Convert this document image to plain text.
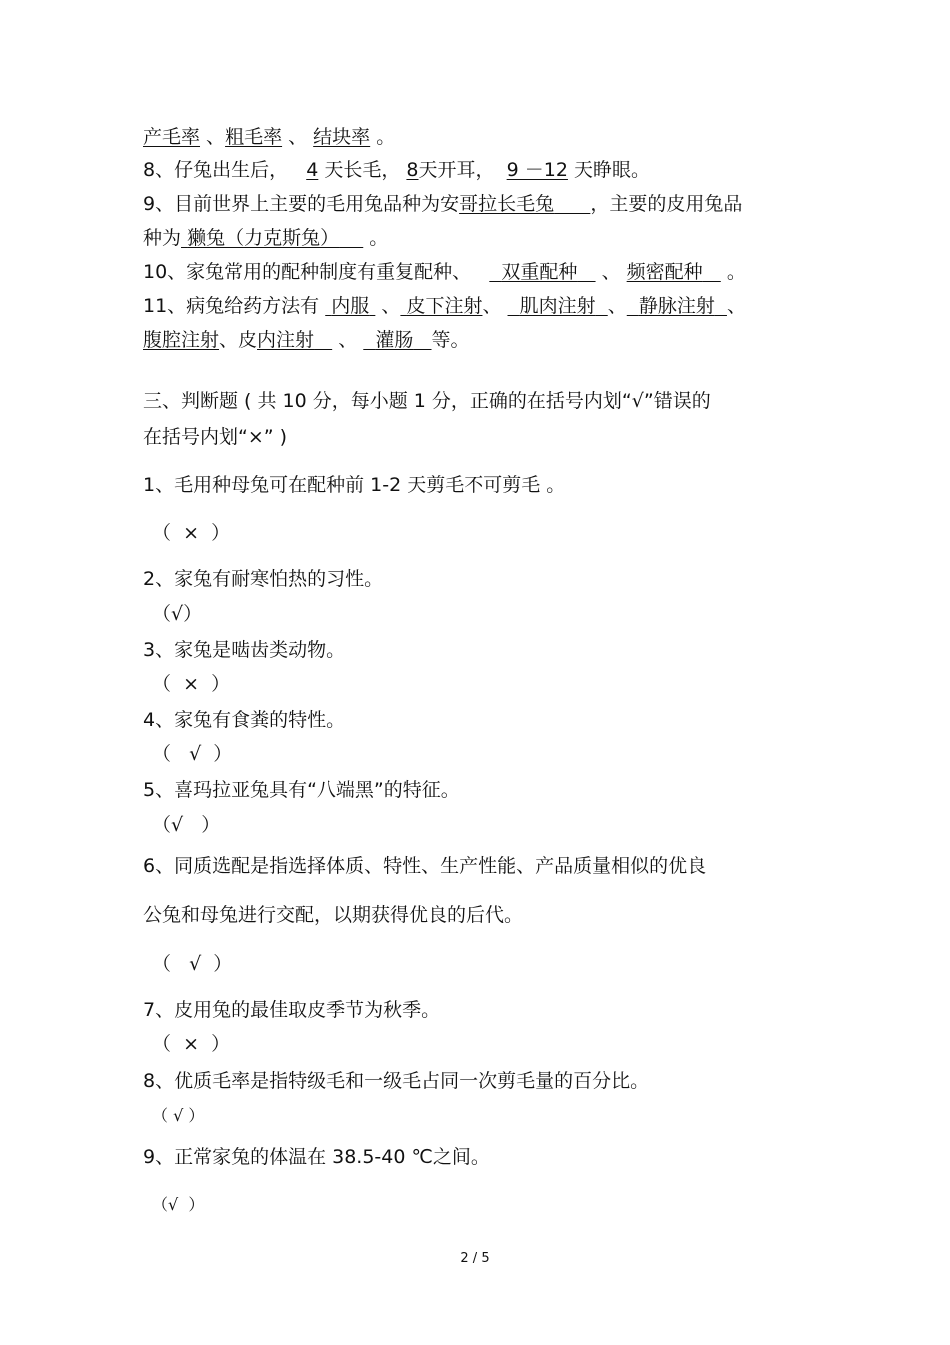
产毛率 、粗毛率 、 结块率 。
8、仔兔出生后， 4 天长毛， 8天开耳， 9 －12 天睁眼。
9、目前世界上主要的毛用兔品种为安哥拉长毛兔 ，主要的皮用兔品
种为 獭兔（力克斯兔）     。
10、家兔常用的配种制度有重复配种、 双重配种    、 频密配种    。
11、病兔给药方法有 内服 、 皮下注射、 肌肉注射 、 静脉注射 、
腹腔注射、皮内注射 、 灌肠 等。
三、判断题 ( 共 10 分，每小题 1 分，正确的在括号内划“√”错误的
在括号内划“×” )
1、毛用种母兔可在配种前 1-2 天剪毛不可剪毛 。
（  ×  ）
2、家兔有耐寒怕热的习性。
（√）
3、家兔是啮齿类动物。
（  ×  ）
4、家兔有食粪的特性。
（   √  ）
5、喜玛拉亚兔具有“八端黑”的特征。
（√   ）
6、同质选配是指选择体质、特性、生产性能、产品质量相似的优良
公兔和母兔进行交配，以期获得优良的后代。
（   √  ）
7、皮用兔的最佳取皮季节为秋季。
（  ×  ）
8、优质毛率是指特级毛和一级毛占同一次剪毛量的百分比。
（ √ ）
9、正常家兔的体温在 38.5-40 ℃之间。
（√  ）
2 / 5
